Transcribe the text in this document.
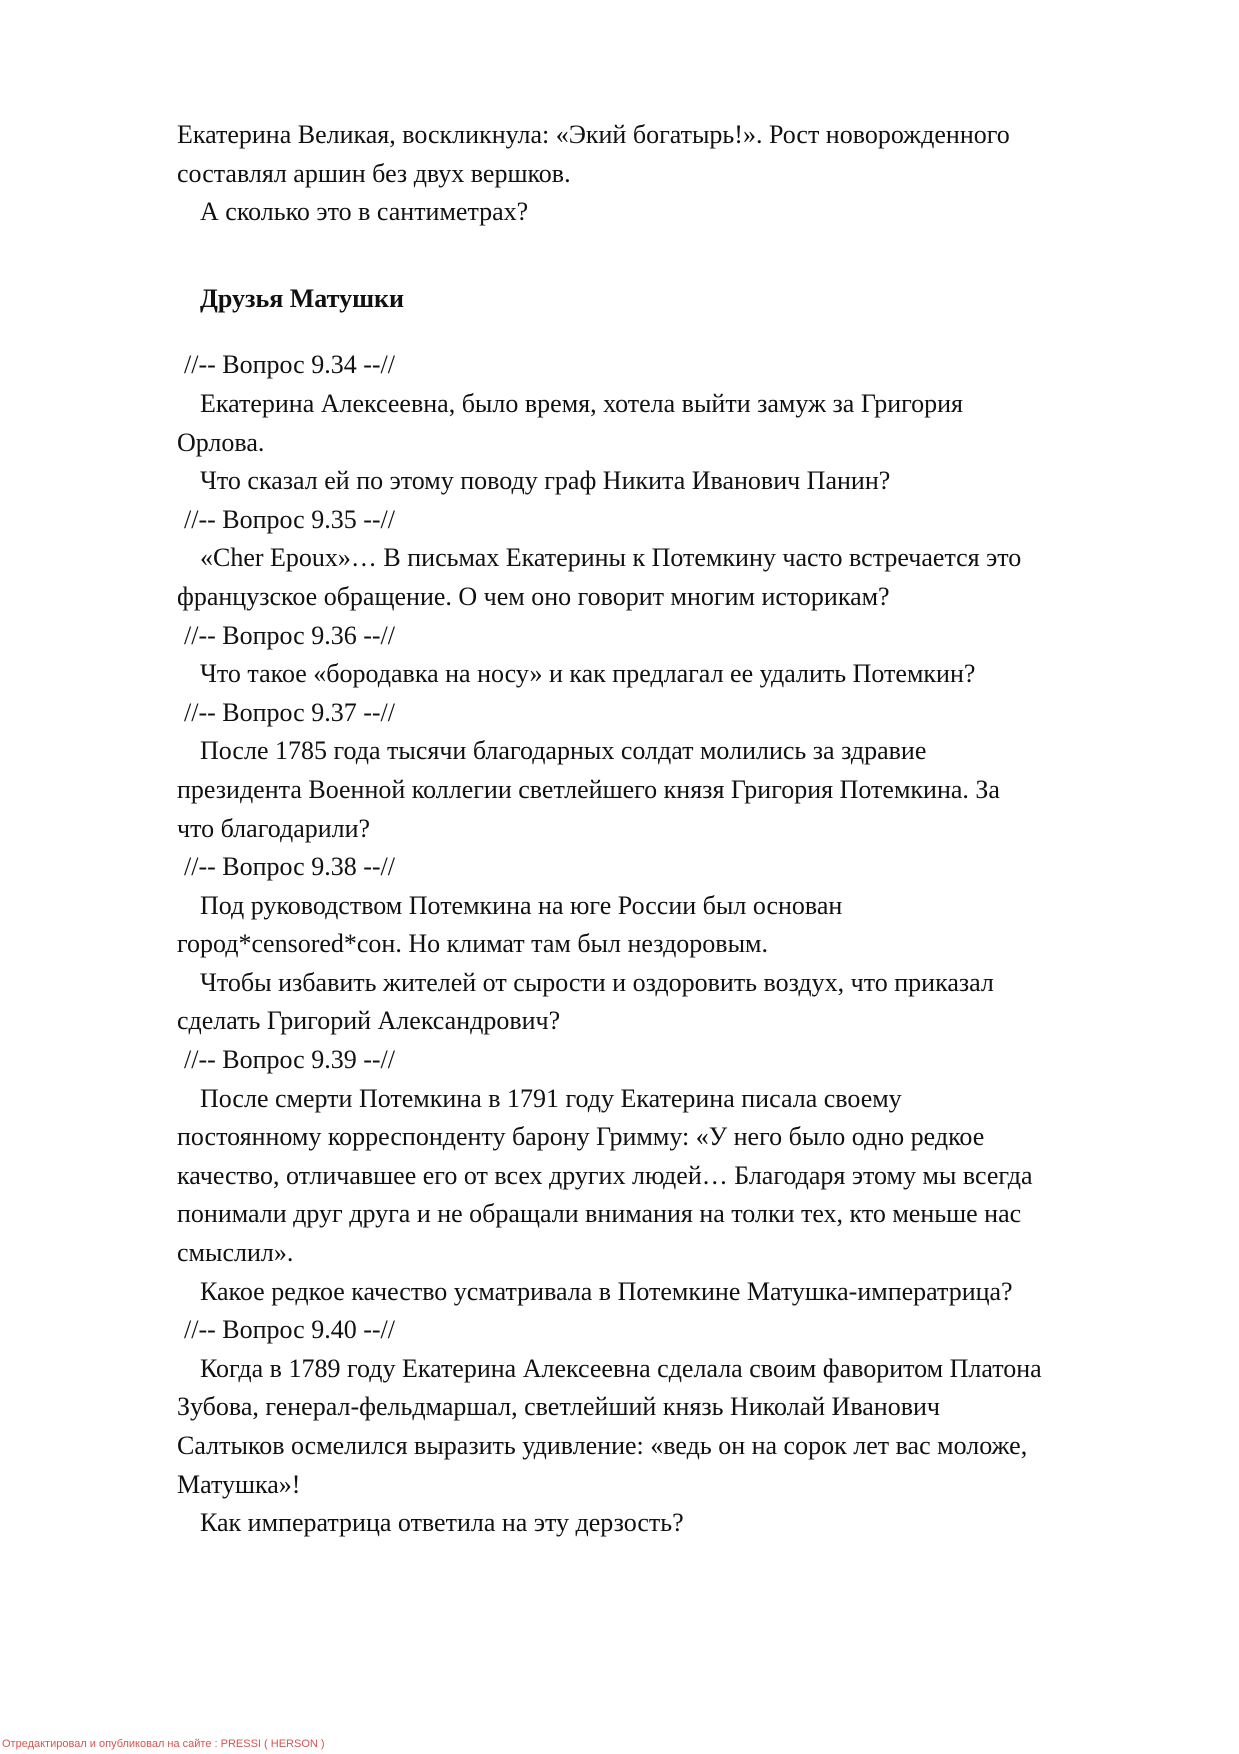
Екатерина Великая, воскликнула: «Экий богатырь!». Рост новорожденного
составлял аршин без двух вершков.
А сколько это в сантиметрах?
Друзья Матушки
//-- Вопрос 9.34 --//
Екатерина Алексеевна, было время, хотела выйти замуж за Григория
Орлова.
Что сказал ей по этому поводу граф Никита Иванович Панин?
//-- Вопрос 9.35 --//
«Cher Epoux»… В письмах Екатерины к Потемкину часто встречается это
французское обращение. О чем оно говорит многим историкам?
//-- Вопрос 9.36 --//
Что такое «бородавка на носу» и как предлагал ее удалить Потемкин?
//-- Вопрос 9.37 --//
После 1785 года тысячи благодарных солдат молились за здравие
президента Военной коллегии светлейшего князя Григория Потемкина. За
что благодарили?
//-- Вопрос 9.38 --//
Под руководством Потемкина на юге России был основан
город*censored*сон. Но климат там был нездоровым.
Чтобы избавить жителей от сырости и оздоровить воздух, что приказал
сделать Григорий Александрович?
//-- Вопрос 9.39 --//
После смерти Потемкина в 1791 году Екатерина писала своему
постоянному корреспонденту барону Гримму: «У него было одно редкое
качество, отличавшее его от всех других людей… Благодаря этому мы всегда
понимали друг друга и не обращали внимания на толки тех, кто меньше нас
смыслил».
Какое редкое качество усматривала в Потемкине Матушка-императрица?
//-- Вопрос 9.40 --//
Когда в 1789 году Екатерина Алексеевна сделала своим фаворитом Платона
Зубова, генерал-фельдмаршал, светлейший князь Николай Иванович
Салтыков осмелился выразить удивление: «ведь он на сорок лет вас моложе,
Матушка»!
Как императрица ответила на эту дерзость?
Отредактировал и опубликовал на сайте : PRESSI ( HERSON )
